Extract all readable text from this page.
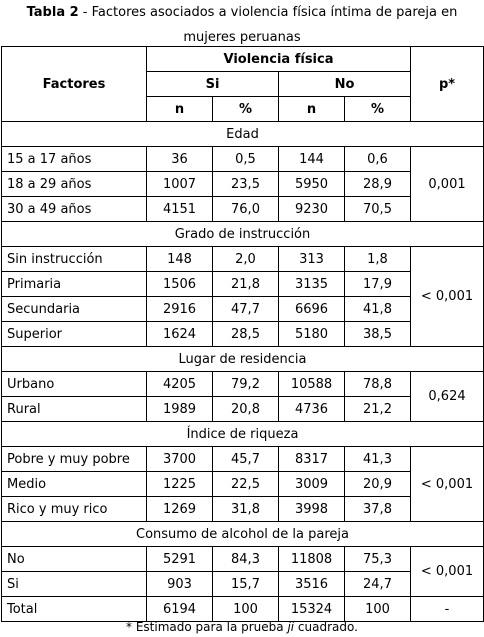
Tabla 2 - Factores asociados a violencia física íntima de pareja en mujeres peruanas
Factores	Violencia física				p*
	Si		No		
	n	%	n	%	
Edad					
15 a 17 años	36	0,5	144	0,6	0,001
18 a 29 años	1007	23,5	5950	28,9	
30 a 49 años	4151	76,0	9230	70,5	
Grado de instrucción					
Sin instrucción	148	2,0	313	1,8	< 0,001
Primaria	1506	21,8	3135	17,9	
Secundaria	2916	47,7	6696	41,8	
Superior	1624	28,5	5180	38,5	
Lugar de residencia					
Urbano	4205	79,2	10588	78,8	0,624
Rural	1989	20,8	4736	21,2	
Índice de riqueza					
Pobre y muy pobre	3700	45,7	8317	41,3	< 0,001
Medio	1225	22,5	3009	20,9	
Rico y muy rico	1269	31,8	3998	37,8	
Consumo de alcohol de la pareja					
No	5291	84,3	11808	75,3	< 0,001
Si	903	15,7	3516	24,7	
Total	6194	100	15324	100	-
* Estimado para la prueba ji cuadrado.
